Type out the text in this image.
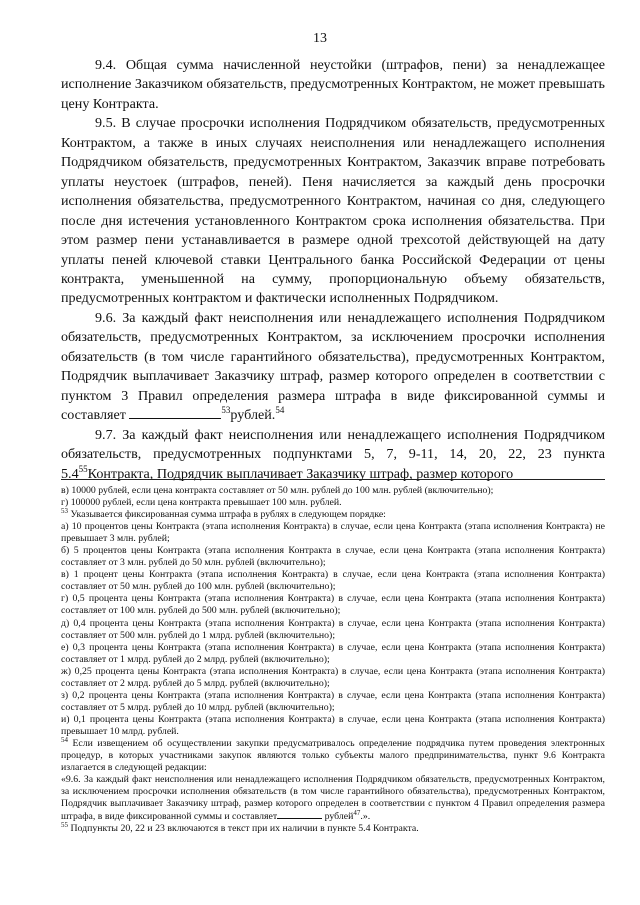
13

9.4. Общая сумма начисленной неустойки (штрафов, пени) за ненадлежащее исполнение Заказчиком обязательств, предусмотренных Контрактом, не может превышать цену Контракта.

9.5. В случае просрочки исполнения Подрядчиком обязательств, предусмотренных Контрактом, а также в иных случаях неисполнения или ненадлежащего исполнения Подрядчиком обязательств, предусмотренных Контрактом, Заказчик вправе потребовать уплаты неустоек (штрафов, пеней). Пеня начисляется за каждый день просрочки исполнения обязательства, предусмотренного Контрактом, начиная со дня, следующего после дня истечения установленного Контрактом срока исполнения обязательства. При этом размер пени устанавливается в размере одной трехсотой действующей на дату уплаты пеней ключевой ставки Центрального банка Российской Федерации от цены контракта, уменьшенной на сумму, пропорциональную объему обязательств, предусмотренных контрактом и фактически исполненных Подрядчиком.

9.6. За каждый факт неисполнения или ненадлежащего исполнения Подрядчиком обязательств, предусмотренных Контрактом, за исключением просрочки исполнения обязательств (в том числе гарантийного обязательства), предусмотренных Контрактом, Подрядчик выплачивает Заказчику штраф, размер которого определен в соответствии с пунктом 3 Правил определения размера штрафа в виде фиксированной суммы и составляет	$^{53}$рублей.$^{54}$

9.7. За каждый факт неисполнения или ненадлежащего исполнения Подрядчиком обязательств, предусмотренных подпунктами 5, 7, 9-11, 14, 20, 22, 23 пункта $5.4^{55}Контракта$, Подрядчик выплачивает Заказчику штраф, размер которого

в) 10000 рублей, если цена контракта составляет от 50 млн. рублей до 100 млн. рублей (включительно);

г) 100000 рублей, если цена контракта превышает 100 млн. рублей.

$^{53}$ Указывается фиксированная сумма штрафа в рублях в следующем порядке:

а) 10 процентов цены Контракта (этапа исполнения Контракта) в случае, если цена Контракта (этапа исполнения Контракта) не превышает 3 млн. рублей;

б) 5 процентов цены Контракта (этапа исполнения Контракта в случае, если цена Контракта (этапа исполнения Контракта) составляет от 3 млн. рублей до 50 млн. рублей (включительно);

в) 1 процент цены Контракта (этапа исполнения Контракта) в случае, если цена Контракта (этапа исполнения Контракта) составляет от 50 млн. рублей до 100 млн. рублей (включительно);

г) 0,5 процента цены Контракта (этапа исполнения Контракта) в случае, если цена Контракта (этапа исполнения Контракта) составляет от 100 млн. рублей до 500 млн. рублей (включительно);

д) 0,4 процента цены Контракта (этапа исполнения Контракта) в случае, если цена Контракта (этапа исполнения Контракта) составляет от 500 млн. рублей до 1 млрд. рублей (включительно);

е) 0,3 процента цены Контракта (этапа исполнения Контракта) в случае, если цена Контракта (этапа исполнения Контракта) составляет от 1 млрд. рублей до 2 млрд. рублей (включительно);

ж) 0,25 процента цены Контракта (этапа исполнения Контракта) в случае, если цена Контракта (этапа исполнения Контракта) составляет от 2 млрд. рублей до 5 млрд. рублей (включительно);

з) 0,2 процента цены Контракта (этапа исполнения Контракта) в случае, если цена Контракта (этапа исполнения Контракта) составляет от 5 млрд. рублей до 10 млрд. рублей (включительно);

и) 0,1 процента цены Контракта (этапа исполнения Контракта) в случае, если цена Контракта (этапа исполнения Контракта) превышает 10 млрд. рублей.

$^{54}$ Если извещением об осуществлении закупки предусматривалось определение подрядчика путем проведения электронных процедур, в которых участниками закупок являются только субъекты малого предпринимательства, пункт 9.6 Контракта излагается в следующей редакции:

«9.6. За каждый факт неисполнения или ненадлежащего исполнения Подрядчиком обязательств, предусмотренных Контрактом, за исключением просрочки исполнения обязательств (в том числе гарантийного обязательства), предусмотренных Контрактом, Подрядчик выплачивает Заказчику штраф, размер которого определен в соответствии с пунктом 4 Правил определения размера штрафа, в виде фиксированной суммы и составляет	рублей$^{47}$.».

$^{55}$ Подпункты 20, 22 и 23 включаются в текст при их наличии в пункте 5.4 Контракта.
